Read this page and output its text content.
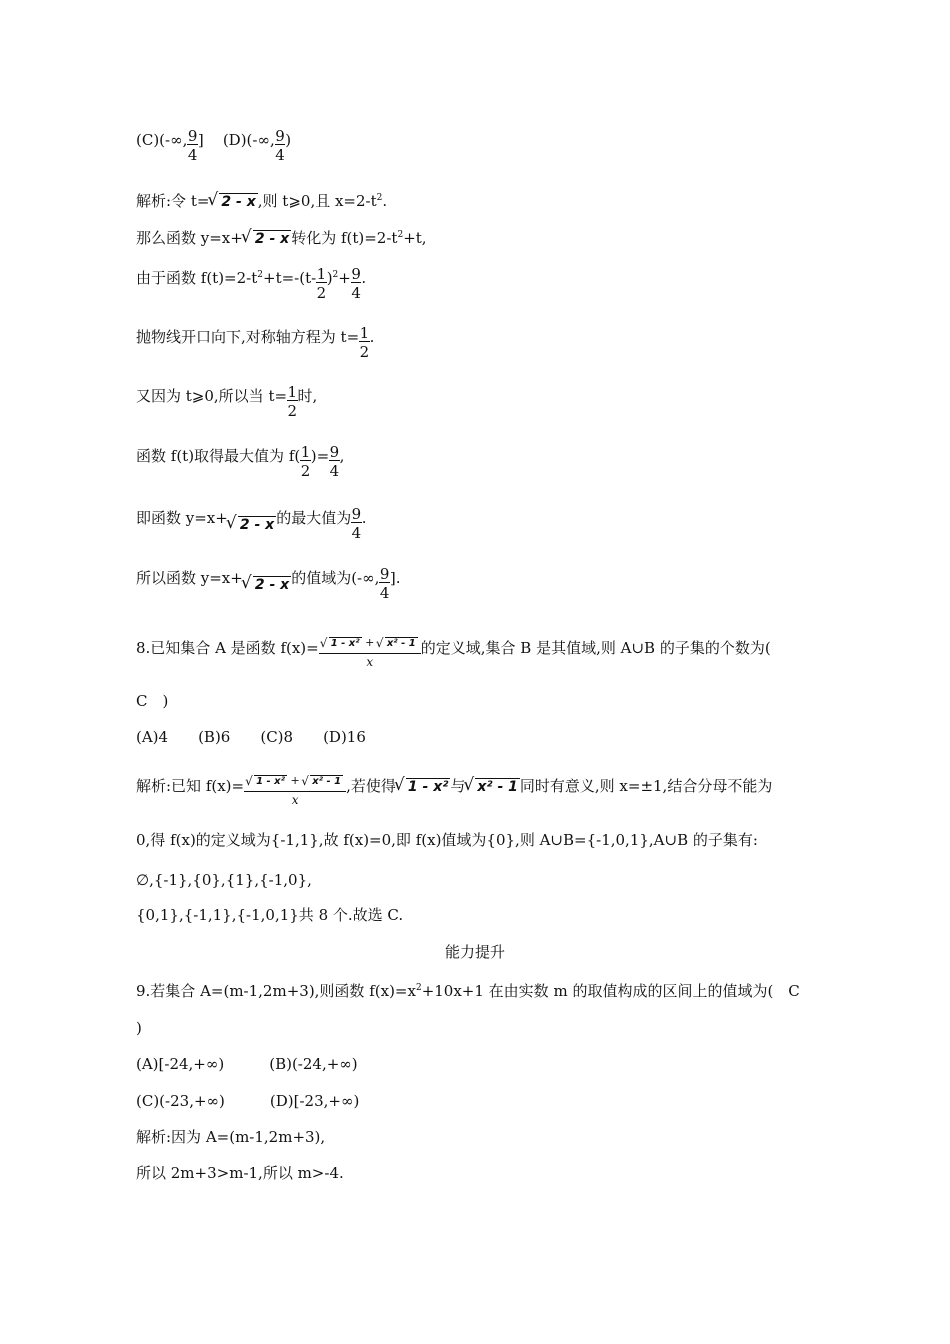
(C)(-∞, $\frac{9}{4}$ ] (D)(-∞, $\frac{9}{4}$ )
解析:令 t= √ 2 - x ,则 t⩾0,且 $x=2-t^2$.
那么函数 y=x+ √ 2 - x 转化为 $f(t)=2-t^2+t$,
由于函数 $f(t)=2-t^2+t=-(t- \frac{1}{2} )^2+ \frac{9}{4}$ .
抛物线开口向下,对称轴方程为 $t= \frac{1}{2}$ .
又因为 t⩾0,所以当 $t= \frac{1}{2}$ 时,
函数 f(t)取得最大值为 $f( \frac{1}{2}$ )= $\frac{9}{4}$ ,
即函数 y=x+ √ 2 - x 的最大值为 $\frac{9}{4}$ .
所以函数 y=x+ √ 2 - x 的值域为(-∞, $\frac{9}{4}$ ].
8.已知集合 A 是函数 f(x)=	√ 1 - x² + √ x² - 1
x
的定义域,集合 B 是其值域,则 A∪B 的子集的个数为(
C　)
(A)4　　(B)6　　(C)8　　(D)16
解析:已知 f(x)=	√ 1 - x² + √ x² - 1
x
,若使得 √ 1 - x² 与 √ x² - 1 同时有意义,则 x=±1,结合分母不能为
0,得 f(x)的定义域为{-1,1},故 f(x)=0,即 f(x)值域为{0},则 A∪B={-1,0,1},A∪B 的子集有:
∅,{-1},{0},{1},{-1,0},
{0,1},{-1,1},{-1,0,1}共 8 个.故选 C.
能力提升
9.若集合 A=(m-1,2m+3),则函数 $f(x)=x^2+10x+1$ 在由实数 m 的取值构成的区间上的值域为(　C
)
(A)[-24,+∞)　　　(B)(-24,+∞)
(C)(-23,+∞)　　　(D)[-23,+∞)
解析:因为 A=(m-1,2m+3),
所以 2m+3>m-1,所以 m>-4.
